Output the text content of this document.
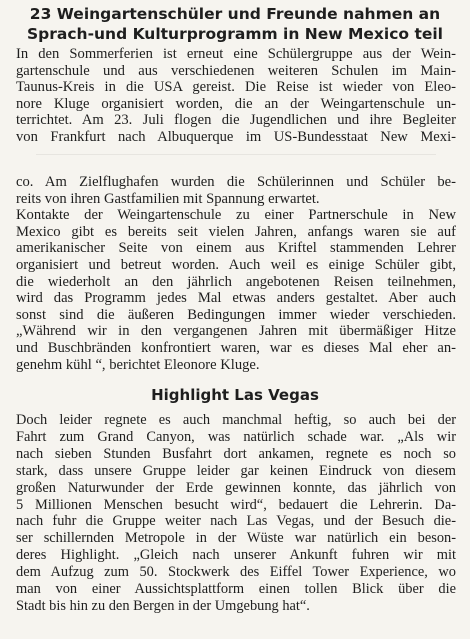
23 Weingartenschüler und Freunde nahmen an
Sprach-und Kulturprogramm in New Mexico teil

In den Sommerferien ist erneut eine Schülergruppe aus der Wein-
gartenschule und aus verschiedenen weiteren Schulen im Main-
Taunus-Kreis in die USA gereist. Die Reise ist wieder von Eleo-
nore Kluge organisiert worden, die an der Weingartenschule un-
terrichtet. Am 23. Juli flogen die Jugendlichen und ihre Begleiter
von Frankfurt nach Albuquerque im US-Bundesstaat New Mexi-

co. Am Zielflughafen wurden die Schülerinnen und Schüler be-
reits von ihren Gastfamilien mit Spannung erwartet.
Kontakte der Weingartenschule zu einer Partnerschule in New
Mexico gibt es bereits seit vielen Jahren, anfangs waren sie auf
amerikanischer Seite von einem aus Kriftel stammenden Lehrer
organisiert und betreut worden. Auch weil es einige Schüler gibt,
die wiederholt an den jährlich angebotenen Reisen teilnehmen,
wird das Programm jedes Mal etwas anders gestaltet. Aber auch
sonst sind die äußeren Bedingungen immer wieder verschieden.
„Während wir in den vergangenen Jahren mit übermäßiger Hitze
und Buschbränden konfrontiert waren, war es dieses Mal eher an-
genehm kühl “, berichtet Eleonore Kluge.

Highlight Las Vegas

Doch leider regnete es auch manchmal heftig, so auch bei der
Fahrt zum Grand Canyon, was natürlich schade war. „Als wir
nach sieben Stunden Busfahrt dort ankamen, regnete es noch so
stark, dass unsere Gruppe leider gar keinen Eindruck von diesem
großen Naturwunder der Erde gewinnen konnte, das jährlich von
5 Millionen Menschen besucht wird“, bedauert die Lehrerin. Da-
nach fuhr die Gruppe weiter nach Las Vegas, und der Besuch die-
ser schillernden Metropole in der Wüste war natürlich ein beson-
deres Highlight. „Gleich nach unserer Ankunft fuhren wir mit
dem Aufzug zum 50. Stockwerk des Eiffel Tower Experience, wo
man von einer Aussichtsplattform einen tollen Blick über die
Stadt bis hin zu den Bergen in der Umgebung hat“.
